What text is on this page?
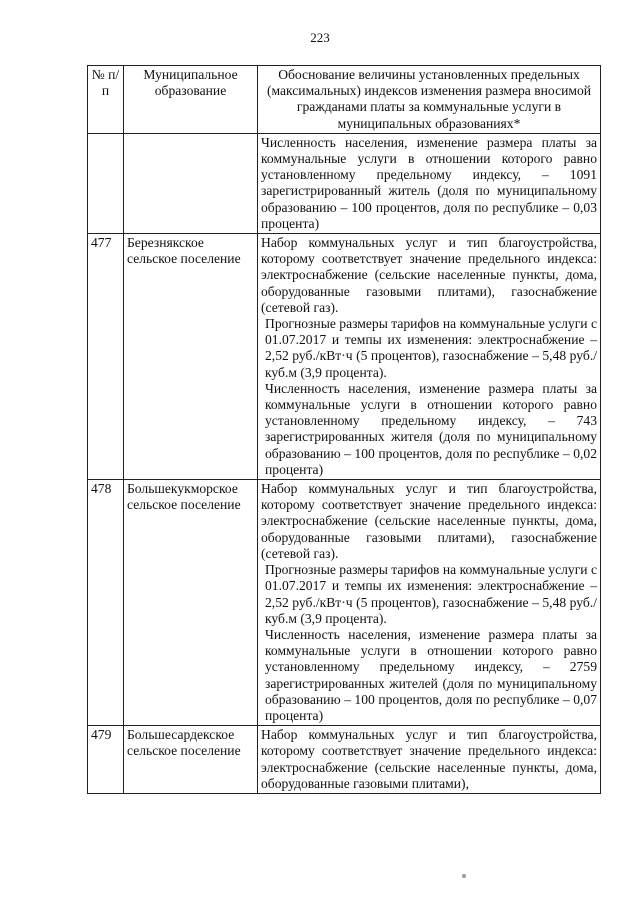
223
№ п/п	Муниципальное образование	Обоснование величины установленных предельных (максимальных) индексов изменения размера вносимой гражданами платы за коммунальные услуги в муниципальных образованиях*

		Численность населения, изменение размера платы за коммунальные услуги в отношении которого равно установленному предельному индексу, – 1091 зарегистрированный житель (доля по муниципальному образованию – 100 процентов, доля по республике – 0,03 процента)

477	Березнякское сельское поселение	Набор коммунальных услуг и тип благоустройства, которому соответствует значение предельного индекса: электроснабжение (сельские населенные пункты, дома, оборудованные газовыми плитами), газоснабжение (сетевой газ).
Прогнозные размеры тарифов на коммунальные услуги с 01.07.2017 и темпы их изменения: электроснабжение – 2,52 руб./кВт·ч (5 процентов), газоснабжение – 5,48 руб./куб.м (3,9 процента).
Численность населения, изменение размера платы за коммунальные услуги в отношении которого равно установленному предельному индексу, – 743 зарегистрированных жителя (доля по муниципальному образованию – 100 процентов, доля по республике – 0,02 процента)

478	Большекукморское сельское поселение	Набор коммунальных услуг и тип благоустройства, которому соответствует значение предельного индекса: электроснабжение (сельские населенные пункты, дома, оборудованные газовыми плитами), газоснабжение (сетевой газ).
Прогнозные размеры тарифов на коммунальные услуги с 01.07.2017 и темпы их изменения: электроснабжение – 2,52 руб./кВт·ч (5 процентов), газоснабжение – 5,48 руб./куб.м (3,9 процента).
Численность населения, изменение размера платы за коммунальные услуги в отношении которого равно установленному предельному индексу, – 2759 зарегистрированных жителей (доля по муниципальному образованию – 100 процентов, доля по республике – 0,07 процента)

479	Большесардекское сельское поселение	Набор коммунальных услуг и тип благоустройства, которому соответствует значение предельного индекса: электроснабжение (сельские населенные пункты, дома, оборудованные газовыми плитами),
